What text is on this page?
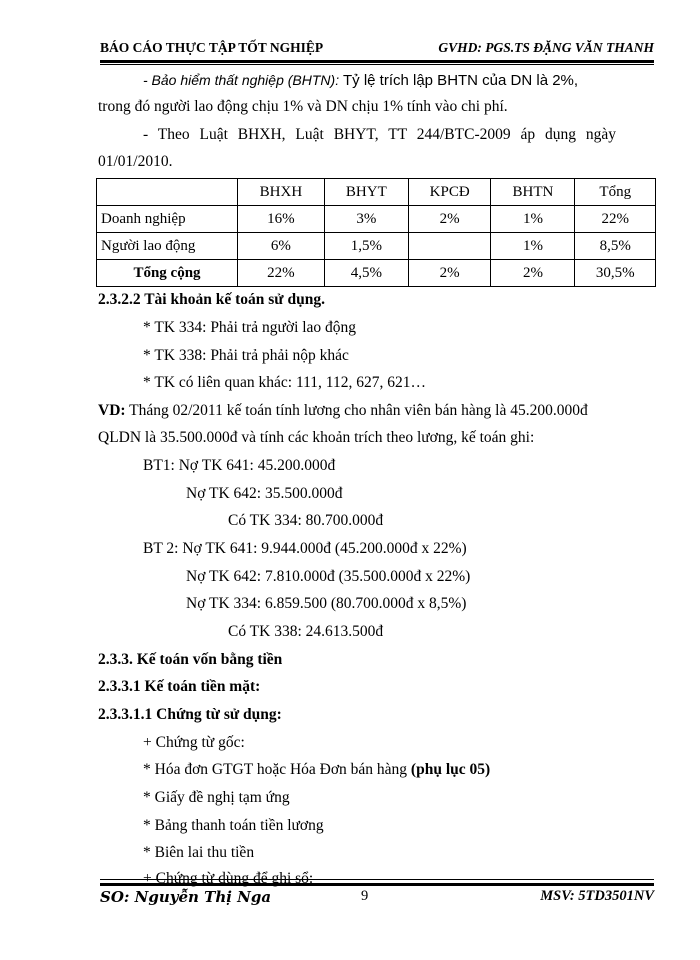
BÁO CÁO THỰC TẬP TỐT NGHIỆP	GVHD: PGS.TS ĐẶNG VĂN THANH
- Bảo hiểm thất nghiệp (BHTN): Tỷ lệ trích lập BHTN của DN là 2%,
trong đó người lao động chịu 1% và DN chịu 1% tính vào chi phí.
- Theo Luật BHXH, Luật BHYT, TT 244/BTC-2009 áp dụng ngày
01/01/2010.
	BHXH	BHYT	KPCĐ	BHTN	Tổng
Doanh nghiệp	16%	3%	2%	1%	22%
Người lao động	6%	1,5%		1%	8,5%
Tổng cộng	22%	4,5%	2%	2%	30,5%
2.3.2.2 Tài khoản kế toán sử dụng.
* TK 334: Phải trả người lao động
* TK 338: Phải trả phải nộp khác
* TK có liên quan khác: 111, 112, 627, 621…
VD: Tháng 02/2011 kế toán tính lương cho nhân viên bán hàng là 45.200.000đ
QLDN là 35.500.000đ và tính các khoản trích theo lương, kế toán ghi:
BT1: Nợ TK 641: 45.200.000đ
Nợ TK 642: 35.500.000đ
Có TK 334: 80.700.000đ
BT 2: Nợ TK 641: 9.944.000đ (45.200.000đ x 22%)
Nợ TK 642: 7.810.000đ (35.500.000đ x 22%)
Nợ TK 334: 6.859.500 (80.700.000đ x 8,5%)
Có TK 338: 24.613.500đ
2.3.3. Kế toán vốn bằng tiền
2.3.3.1 Kế toán tiền mặt:
2.3.3.1.1 Chứng từ sử dụng:
+ Chứng từ gốc:
* Hóa đơn GTGT hoặc Hóa Đơn bán hàng (phụ lục 05)
* Giấy đề nghị tạm ứng
* Bảng thanh toán tiền lương
* Biên lai thu tiền
+ Chứng từ dùng để ghi sổ:
SO: Nguyễn Thị Nga	9	MSV: 5TD3501NV
